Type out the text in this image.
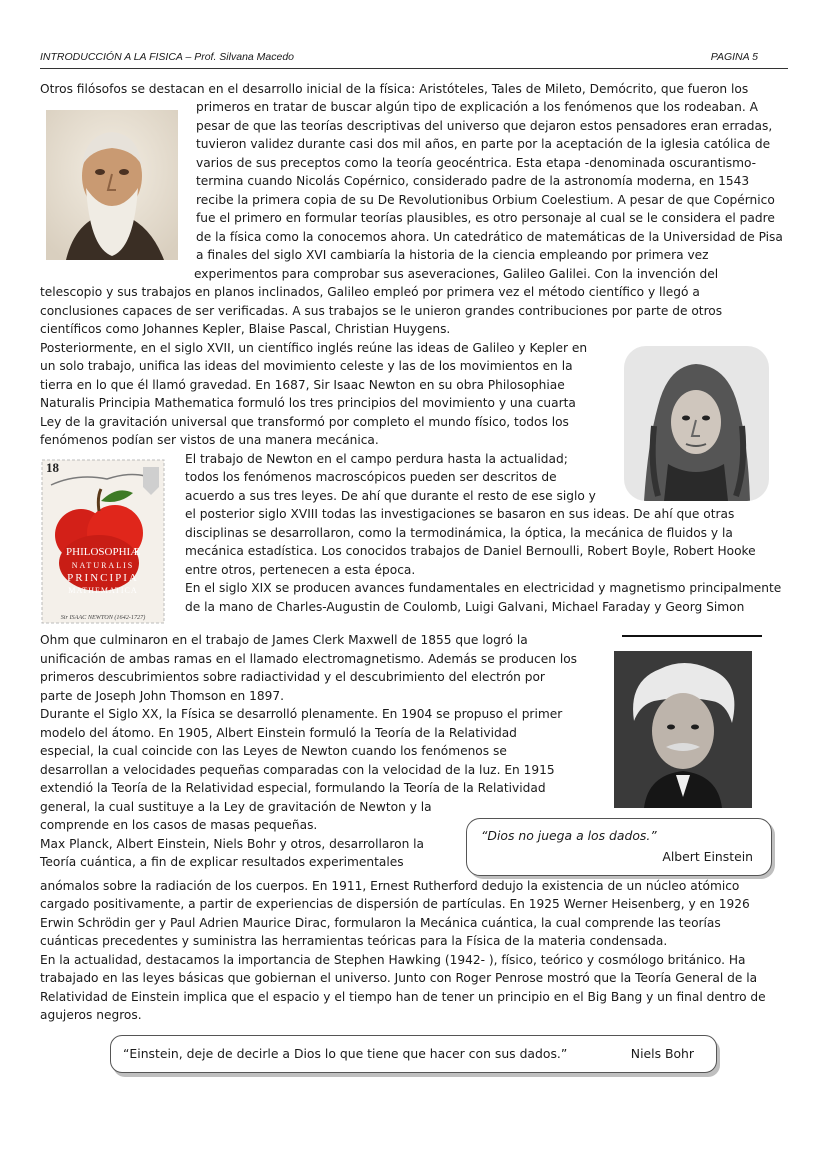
INTRODUCCIÓN A LA FISICA – Prof. Silvana Macedo	PAGINA 5
18
PHILOSOPHIÆ
NATURALIS
PRINCIPIA
MATHEMATICA
Sir ISAAC NEWTON (1642-1727)
Otros filósofos se destacan en el desarrollo inicial de la física: Aristóteles, Tales de Mileto, Demócrito, que fueron los
primeros en tratar de buscar algún tipo de explicación a los fenómenos que los rodeaban. A
pesar de que las teorías descriptivas del universo que dejaron estos pensadores eran erradas,
tuvieron validez durante casi dos mil años, en parte por la aceptación de la iglesia católica de
varios de sus preceptos como la teoría geocéntrica. Esta etapa -denominada oscurantismo-
termina cuando Nicolás Copérnico, considerado padre de la astronomía moderna, en 1543
recibe la primera copia de su De Revolutionibus Orbium Coelestium. A pesar de que Copérnico
fue el primero en formular teorías plausibles, es otro personaje al cual se le considera el padre
de la física como la conocemos ahora. Un catedrático de matemáticas de la Universidad de Pisa
a finales del siglo XVI cambiaría la historia de la ciencia empleando por primera vez
experimentos para comprobar sus aseveraciones, Galileo Galilei. Con la invención del
telescopio y sus trabajos en planos inclinados, Galileo empleó por primera vez el método científico y llegó a
conclusiones capaces de ser verificadas. A sus trabajos se le unieron grandes contribuciones por parte de otros
científicos como Johannes Kepler, Blaise Pascal, Christian Huygens.
Posteriormente, en el siglo XVII, un científico inglés reúne las ideas de Galileo y Kepler en
un solo trabajo, unifica las ideas del movimiento celeste y las de los movimientos en la
tierra en lo que él llamó gravedad. En 1687, Sir Isaac Newton en su obra Philosophiae
Naturalis Principia Mathematica formuló los tres principios del movimiento y una cuarta
Ley de la gravitación universal que transformó por completo el mundo físico, todos los
fenómenos podían ser vistos de una manera mecánica.
El trabajo de Newton en el campo perdura hasta la actualidad;
todos los fenómenos macroscópicos pueden ser descritos de
acuerdo a sus tres leyes. De ahí que durante el resto de ese siglo y
el posterior siglo XVIII todas las investigaciones se basaron en sus ideas. De ahí que otras
disciplinas se desarrollaron, como la termodinámica, la óptica, la mecánica de fluidos y la
mecánica estadística. Los conocidos trabajos de Daniel Bernoulli, Robert Boyle, Robert Hooke
entre otros, pertenecen a esta época.
En el siglo XIX se producen avances fundamentales en electricidad y magnetismo principalmente
de la mano de Charles-Augustin de Coulomb, Luigi Galvani, Michael Faraday y Georg Simon
Ohm que culminaron en el trabajo de James Clerk Maxwell de 1855 que logró la
unificación de ambas ramas en el llamado electromagnetismo. Además se producen los
primeros descubrimientos sobre radiactividad y el descubrimiento del electrón por
parte de Joseph John Thomson en 1897.
Durante el Siglo XX, la Física se desarrolló plenamente. En 1904 se propuso el primer
modelo del átomo. En 1905, Albert Einstein formuló la Teoría de la Relatividad
especial, la cual coincide con las Leyes de Newton cuando los fenómenos se
desarrollan a velocidades pequeñas comparadas con la velocidad de la luz. En 1915
extendió la Teoría de la Relatividad especial, formulando la Teoría de la Relatividad
general, la cual sustituye a la Ley de gravitación de Newton y la
comprende en los casos de masas pequeñas.
“Dios no juega a los dados.”
Albert Einstein
Max Planck, Albert Einstein, Niels Bohr y otros, desarrollaron la
Teoría cuántica, a fin de explicar resultados experimentales
anómalos sobre la radiación de los cuerpos. En 1911, Ernest Rutherford dedujo la existencia de un núcleo atómico
cargado positivamente, a partir de experiencias de dispersión de partículas. En 1925 Werner Heisenberg, y en 1926
Erwin Schrödin ger y Paul Adrien Maurice Dirac, formularon la Mecánica cuántica, la cual comprende las teorías
cuánticas precedentes y suministra las herramientas teóricas para la Física de la materia condensada.
En la actualidad, destacamos la importancia de Stephen Hawking (1942- ), físico, teórico y cosmólogo británico. Ha
trabajado en las leyes básicas que gobiernan el universo. Junto con Roger Penrose mostró que la Teoría General de la
Relatividad de Einstein implica que el espacio y el tiempo han de tener un principio en el Big Bang y un final dentro de
agujeros negros.
“Einstein, deje de decirle a Dios lo que tiene que hacer con sus dados.”	Niels Bohr
